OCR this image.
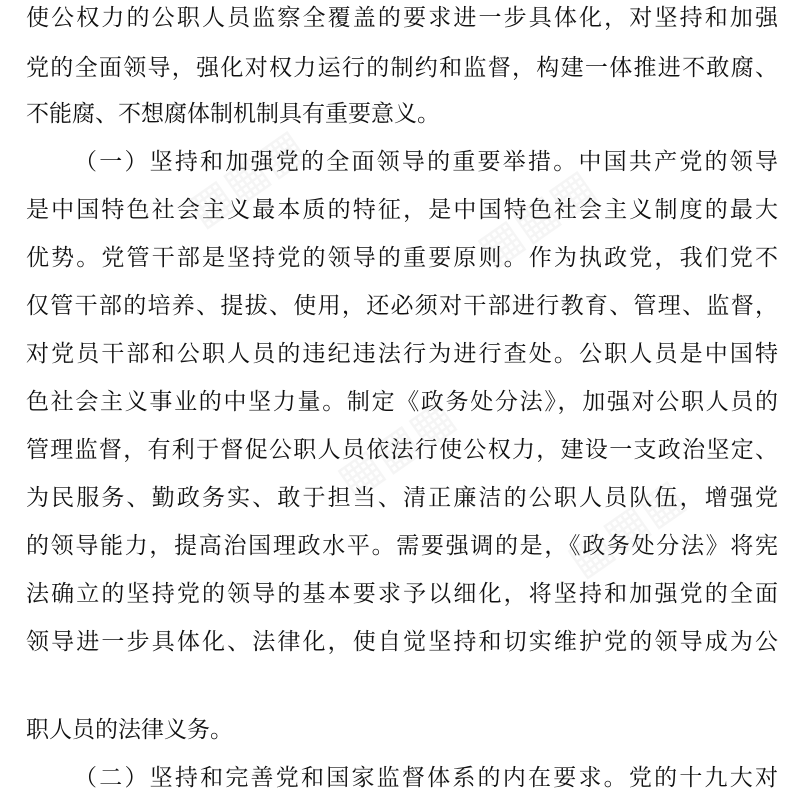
使公权力的公职人员监察全覆盖的要求进一步具体化，对坚持和加强
党的全面领导，强化对权力运行的制约和监督，构建一体推进不敢腐、
不能腐、不想腐体制机制具有重要意义。
（一）坚持和加强党的全面领导的重要举措。中国共产党的领导
是中国特色社会主义最本质的特征，是中国特色社会主义制度的最大
优势。党管干部是坚持党的领导的重要原则。作为执政党，我们党不
仅管干部的培养、提拔、使用，还必须对干部进行教育、管理、监督，
对党员干部和公职人员的违纪违法行为进行查处。公职人员是中国特
色社会主义事业的中坚力量。制定《政务处分法》，加强对公职人员的
管理监督，有利于督促公职人员依法行使公权力，建设一支政治坚定、
为民服务、勤政务实、敢于担当、清正廉洁的公职人员队伍，增强党
的领导能力，提高治国理政水平。需要强调的是，《政务处分法》将宪
法确立的坚持党的领导的基本要求予以细化，将坚持和加强党的全面
领导进一步具体化、法律化，使自觉坚持和切实维护党的领导成为公
职人员的法律义务。
（二）坚持和完善党和国家监督体系的内在要求。党的十九大对
